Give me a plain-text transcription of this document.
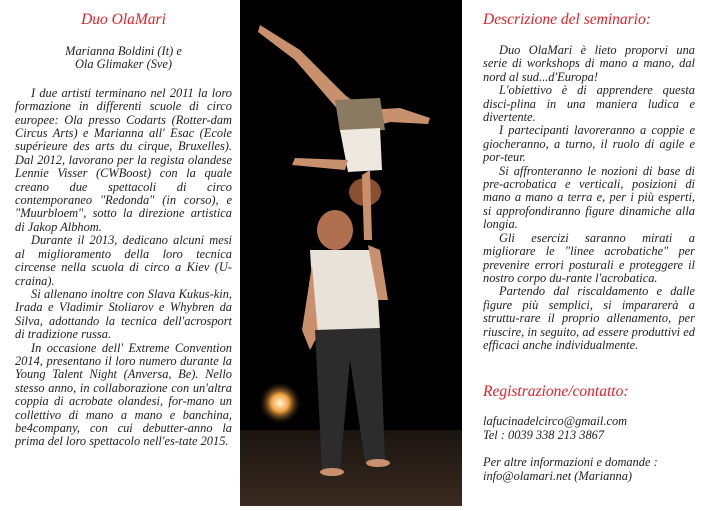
Duo OlaMari
Marianna Boldini (It) e
Ola Glimaker (Sve)

I due artisti terminano nel 2011 la loro formazione in differenti scuole di circo europee: Ola presso Codarts (Rotter-dam Circus Arts) e Marianna all' Esac (Ecole supérieure des arts du cirque, Bruxelles). Dal 2012, lavorano per la regista olandese Lennie Visser (CWBoost) con la quale creano due spettacoli di circo contemporaneo "Redonda" (in corso), e "Muurbloem", sotto la direzione artistica di Jakop Albhom.

Durante il 2013, dedicano alcuni mesi al miglioramento della loro tecnica circense nella scuola di circo a Kiev (U-craina).

Si allenano inoltre con Slava Kukus-kin, Irada e Vladimir Stoliarov e Whybren da Silva, adottando la tecnica dell'acrosport di tradizione russa.

In occasione dell' Extreme Convention 2014, presentano il loro numero durante la Young Talent Night (Anversa, Be). Nello stesso anno, in collaborazione con un'altra coppia di acrobate olandesi, for-mano un collettivo di mano a mano e banchina, be4company, con cui debutter-anno la prima del loro spettacolo nell'es-tate 2015.

Descrizione del seminario:

Duo OlaMari è lieto proporvi una serie di workshops di mano a mano, dal nord al sud...d'Europa!

L'obiettivo è di apprendere questa disci-plina in una maniera ludica e divertente.

I partecipanti lavoreranno a coppie e giocheranno, a turno, il ruolo di agile e por-teur.

Si affronteranno le nozioni di base di pre-acrobatica e verticali, posizioni di mano a mano a terra e, per i più esperti, si approfondiranno figure dinamiche alla longia.

Gli esercizi saranno mirati a migliorare le "linee acrobatiche" per prevenire errori posturali e proteggere il nostro corpo du-rante l'acrobatica.

Partendo dal riscaldamento e dalle figure più semplici, si impararerà a struttu-rare il proprio allenamento, per riuscire, in seguito, ad essere produttivi ed efficaci anche individualmente.

Registrazione/contatto:

lafucinadelcirco@gmail.com

Tel : 0039 338 213 3867

Per altre informazioni e domande :

info@olamari.net (Marianna)
